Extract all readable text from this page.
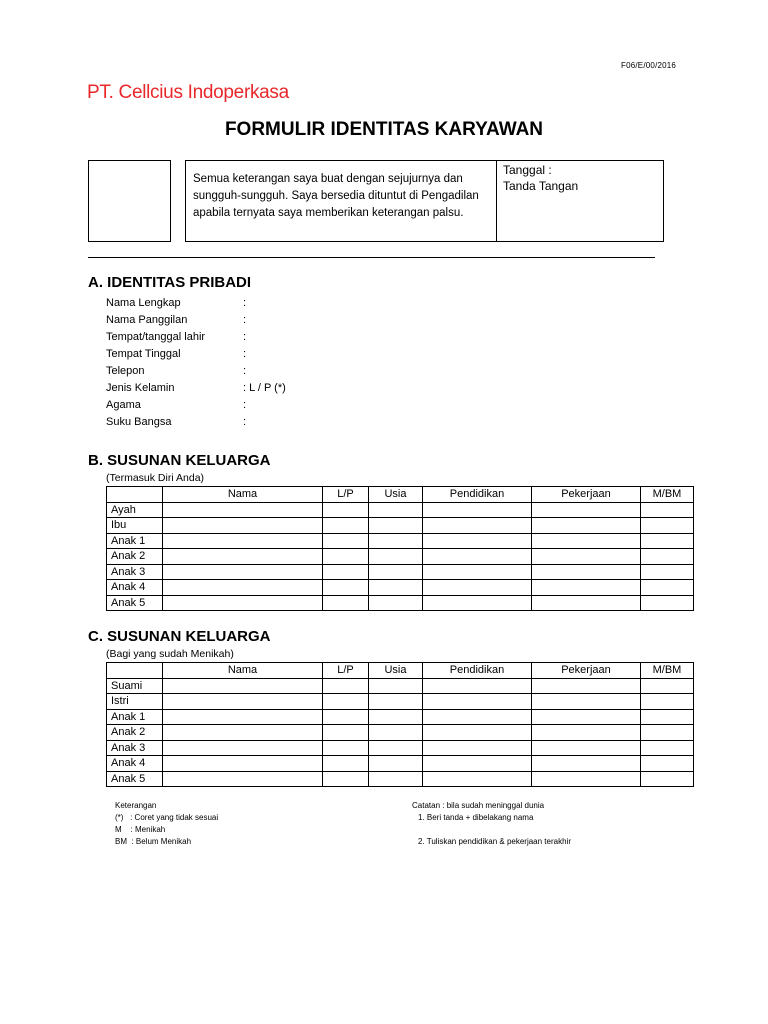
F06/E/00/2016
PT. Cellcius Indoperkasa
FORMULIR IDENTITAS KARYAWAN
Semua keterangan saya buat dengan sejujurnya dan sungguh-sungguh. Saya bersedia dituntut di Pengadilan apabila ternyata saya memberikan keterangan palsu.
Tanggal :
Tanda Tangan
A. IDENTITAS PRIBADI
Nama Lengkap	:
Nama Panggilan	:
Tempat/tanggal lahir	:
Tempat Tinggal	:
Telepon	:
Jenis Kelamin	: L / P (*)
Agama	:
Suku Bangsa	:
B. SUSUNAN KELUARGA
(Termasuk Diri Anda)
	Nama	L/P	Usia	Pendidikan	Pekerjaan	M/BM
Ayah						
Ibu						
Anak 1						
Anak 2						
Anak 3						
Anak 4						
Anak 5						
C. SUSUNAN KELUARGA
(Bagi yang sudah Menikah)
	Nama	L/P	Usia	Pendidikan	Pekerjaan	M/BM
Suami						
Istri						
Anak 1						
Anak 2						
Anak 3						
Anak 4						
Anak 5						
Keterangan
(*)   : Coret yang tidak sesuai
M    : Menikah
BM  : Belum Menikah
Catatan : bila sudah meninggal dunia
1. Beri tanda + dibelakang nama
2. Tuliskan pendidikan & pekerjaan terakhir
